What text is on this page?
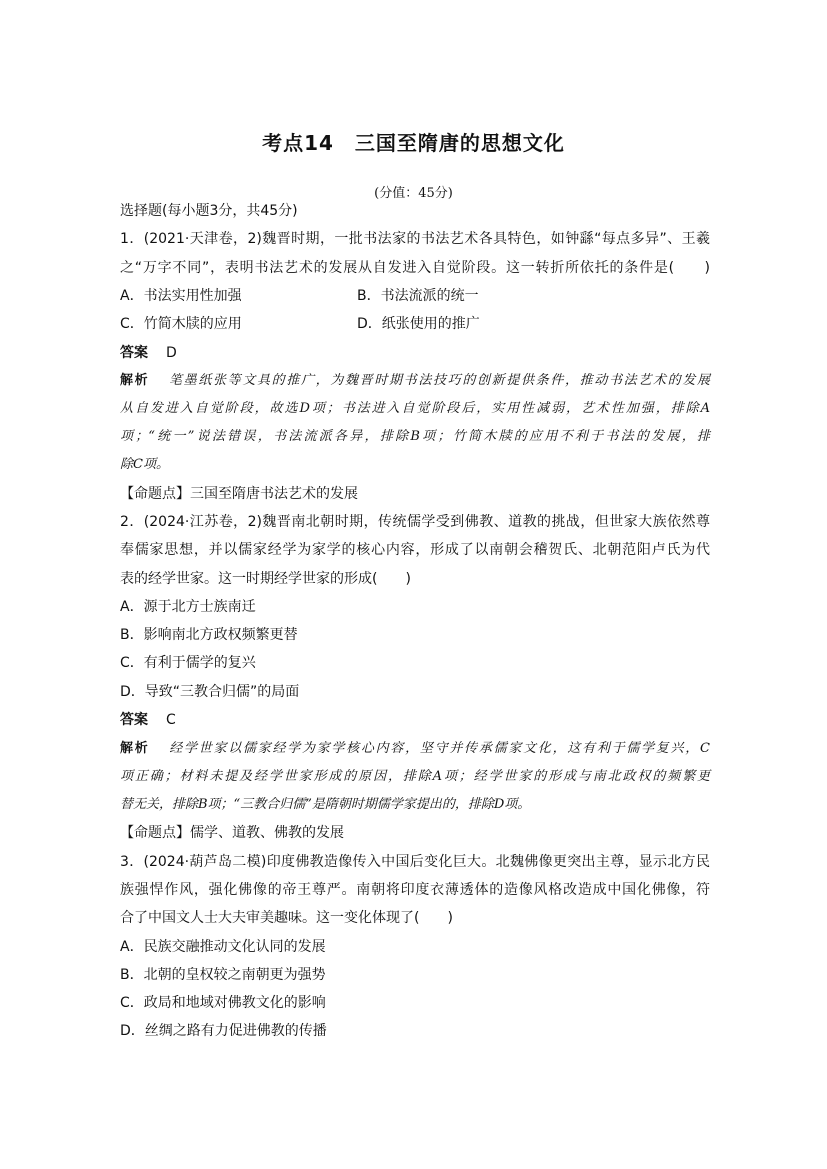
考点14　三国至隋唐的思想文化
(分值：45分)
选择题(每小题3分，共45分)
1．(2021·天津卷，2)魏晋时期，一批书法家的书法艺术各具特色，如钟繇“每点多异”、王羲
之“万字不同”，表明书法艺术的发展从自发进入自觉阶段。这一转折所依托的条件是(　　)
A．书法实用性加强	B．书法流派的统一
C．竹简木牍的应用	D．纸张使用的推广
答案 D
解析 笔墨纸张等文具的推广，为魏晋时期书法技巧的创新提供条件，推动书法艺术的发展
从自发进入自觉阶段，故选D项；书法进入自觉阶段后，实用性减弱，艺术性加强，排除A
项；“统一”说法错误，书法流派各异，排除B项；竹简木牍的应用不利于书法的发展，排
除C项。
【命题点】三国至隋唐书法艺术的发展
2．(2024·江苏卷，2)魏晋南北朝时期，传统儒学受到佛教、道教的挑战，但世家大族依然尊
奉儒家思想，并以儒家经学为家学的核心内容，形成了以南朝会稽贺氏、北朝范阳卢氏为代
表的经学世家。这一时期经学世家的形成(　　)
A．源于北方士族南迁
B．影响南北方政权频繁更替
C．有利于儒学的复兴
D．导致“三教合归儒”的局面
答案 C
解析 经学世家以儒家经学为家学核心内容，坚守并传承儒家文化，这有利于儒学复兴，C
项正确；材料未提及经学世家形成的原因，排除A项；经学世家的形成与南北政权的频繁更
替无关，排除B项；“三教合归儒”是隋朝时期儒学家提出的，排除D项。
【命题点】儒学、道教、佛教的发展
3．(2024·葫芦岛二模)印度佛教造像传入中国后变化巨大。北魏佛像更突出主尊，显示北方民
族强悍作风，强化佛像的帝王尊严。南朝将印度衣薄透体的造像风格改造成中国化佛像，符
合了中国文人士大夫审美趣味。这一变化体现了(　　)
A．民族交融推动文化认同的发展
B．北朝的皇权较之南朝更为强势
C．政局和地域对佛教文化的影响
D．丝绸之路有力促进佛教的传播
